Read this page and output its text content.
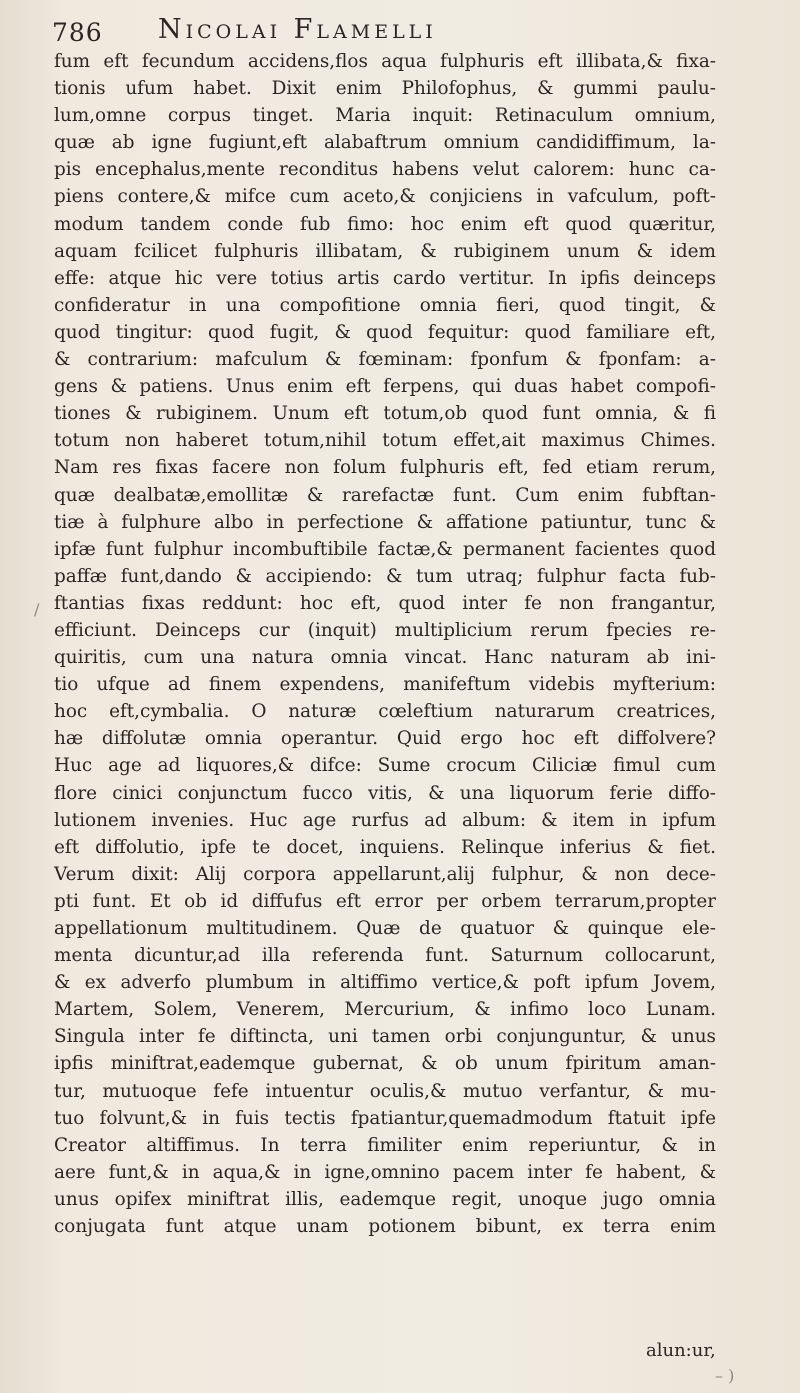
786 Nicolai Flamelli
fum eft fecundum accidens,flos aqua fulphuris eft illibata,& fixa-
tionis ufum habet. Dixit enim Philofophus, & gummi paulu-
lum,omne corpus tinget. Maria inquit: Retinaculum omnium,
quæ ab igne fugiunt,eft alabaftrum omnium candidiffimum, la-
pis encephalus,mente reconditus habens velut calorem: hunc ca-
piens contere,& mifce cum aceto,& conjiciens in vafculum, poft-
modum tandem conde fub fimo: hoc enim eft quod quæritur,
aquam fcilicet fulphuris illibatam, & rubiginem unum & idem
effe: atque hic vere totius artis cardo vertitur. In ipfis deinceps
confideratur in una compofitione omnia fieri, quod tingit, &
quod tingitur: quod fugit, & quod fequitur: quod familiare eft,
& contrarium: mafculum & fœminam: fponfum & fponfam: a-
gens & patiens. Unus enim eft ferpens, qui duas habet compofi-
tiones & rubiginem. Unum eft totum,ob quod funt omnia, & fi
totum non haberet totum,nihil totum effet,ait maximus Chimes.
Nam res fixas facere non folum fulphuris eft, fed etiam rerum,
quæ dealbatæ,emollitæ & rarefactæ funt. Cum enim fubftan-
tiæ à fulphure albo in perfectione & affatione patiuntur, tunc &
ipfæ funt fulphur incombuftibile factæ,& permanent facientes quod
paffæ funt,dando & accipiendo: & tum utraq; fulphur facta fub-
ftantias fixas reddunt: hoc eft, quod inter fe non frangantur,
efficiunt. Deinceps cur (inquit) multiplicium rerum fpecies re-
quiritis, cum una natura omnia vincat. Hanc naturam ab ini-
tio ufque ad finem expendens, manifeftum videbis myfterium:
hoc eft,cymbalia. O naturæ cœleftium naturarum creatrices,
hæ diffolutæ omnia operantur. Quid ergo hoc eft diffolvere?
Huc age ad liquores,& difce: Sume crocum Ciliciæ fimul cum
flore cinici conjunctum fucco vitis, & una liquorum ferie diffo-
lutionem invenies. Huc age rurfus ad album: & item in ipfum
eft diffolutio, ipfe te docet, inquiens. Relinque inferius & fiet.
Verum dixit: Alij corpora appellarunt,alij fulphur, & non dece-
pti funt. Et ob id diffufus eft error per orbem terrarum,propter
appellationum multitudinem. Quæ de quatuor & quinque ele-
menta dicuntur,ad illa referenda funt. Saturnum collocarunt,
& ex adverfo plumbum in altiffimo vertice,& poft ipfum Jovem,
Martem, Solem, Venerem, Mercurium, & infimo loco Lunam.
Singula inter fe diftincta, uni tamen orbi conjunguntur, & unus
ipfis miniftrat,eademque gubernat, & ob unum fpiritum aman-
tur, mutuoque fefe intuentur oculis,& mutuo verfantur, & mu-
tuo folvunt,& in fuis tectis fpatiantur,quemadmodum ftatuit ipfe
Creator altiffimus. In terra fimiliter enim reperiuntur, & in
aere funt,& in aqua,& in igne,omnino pacem inter fe habent, &
unus opifex miniftrat illis, eademque regit, unoque jugo omnia
conjugata funt atque unam potionem bibunt, ex terra enim
alun:ur,
/
– )
